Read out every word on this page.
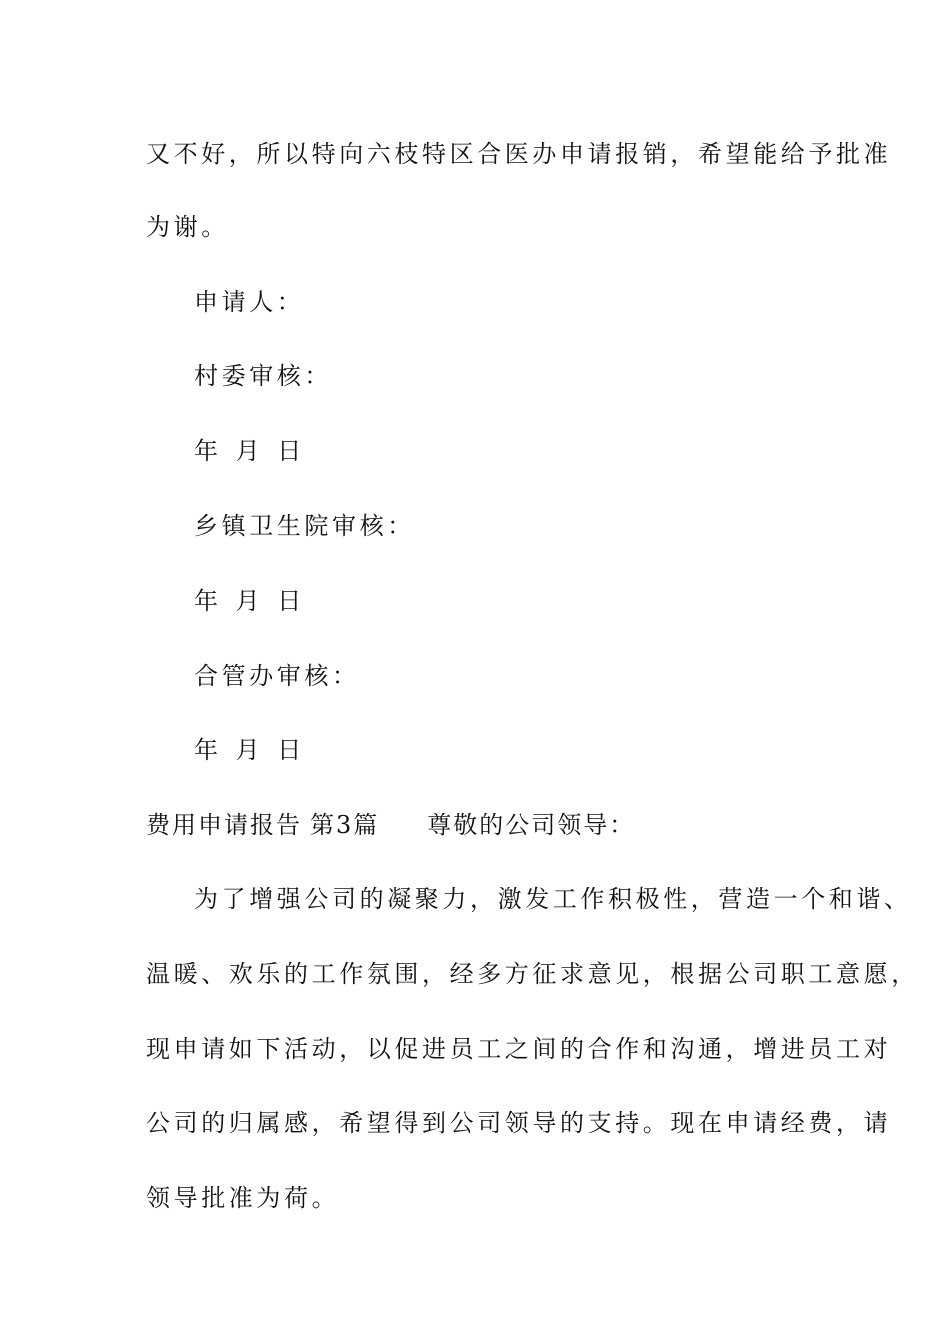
又不好，所以特向六枝特区合医办申请报销，希望能给予批准
为谢。
申请人：
村委审核：
年 月 日
乡镇卫生院审核：
年 月 日
合管办审核：
年 月 日
费用申请报告 第3篇 尊敬的公司领导：
为了增强公司的凝聚力，激发工作积极性，营造一个和谐、
温暖、欢乐的工作氛围，经多方征求意见，根据公司职工意愿，
现申请如下活动，以促进员工之间的合作和沟通，增进员工对
公司的归属感，希望得到公司领导的支持。现在申请经费，请
领导批准为荷。
